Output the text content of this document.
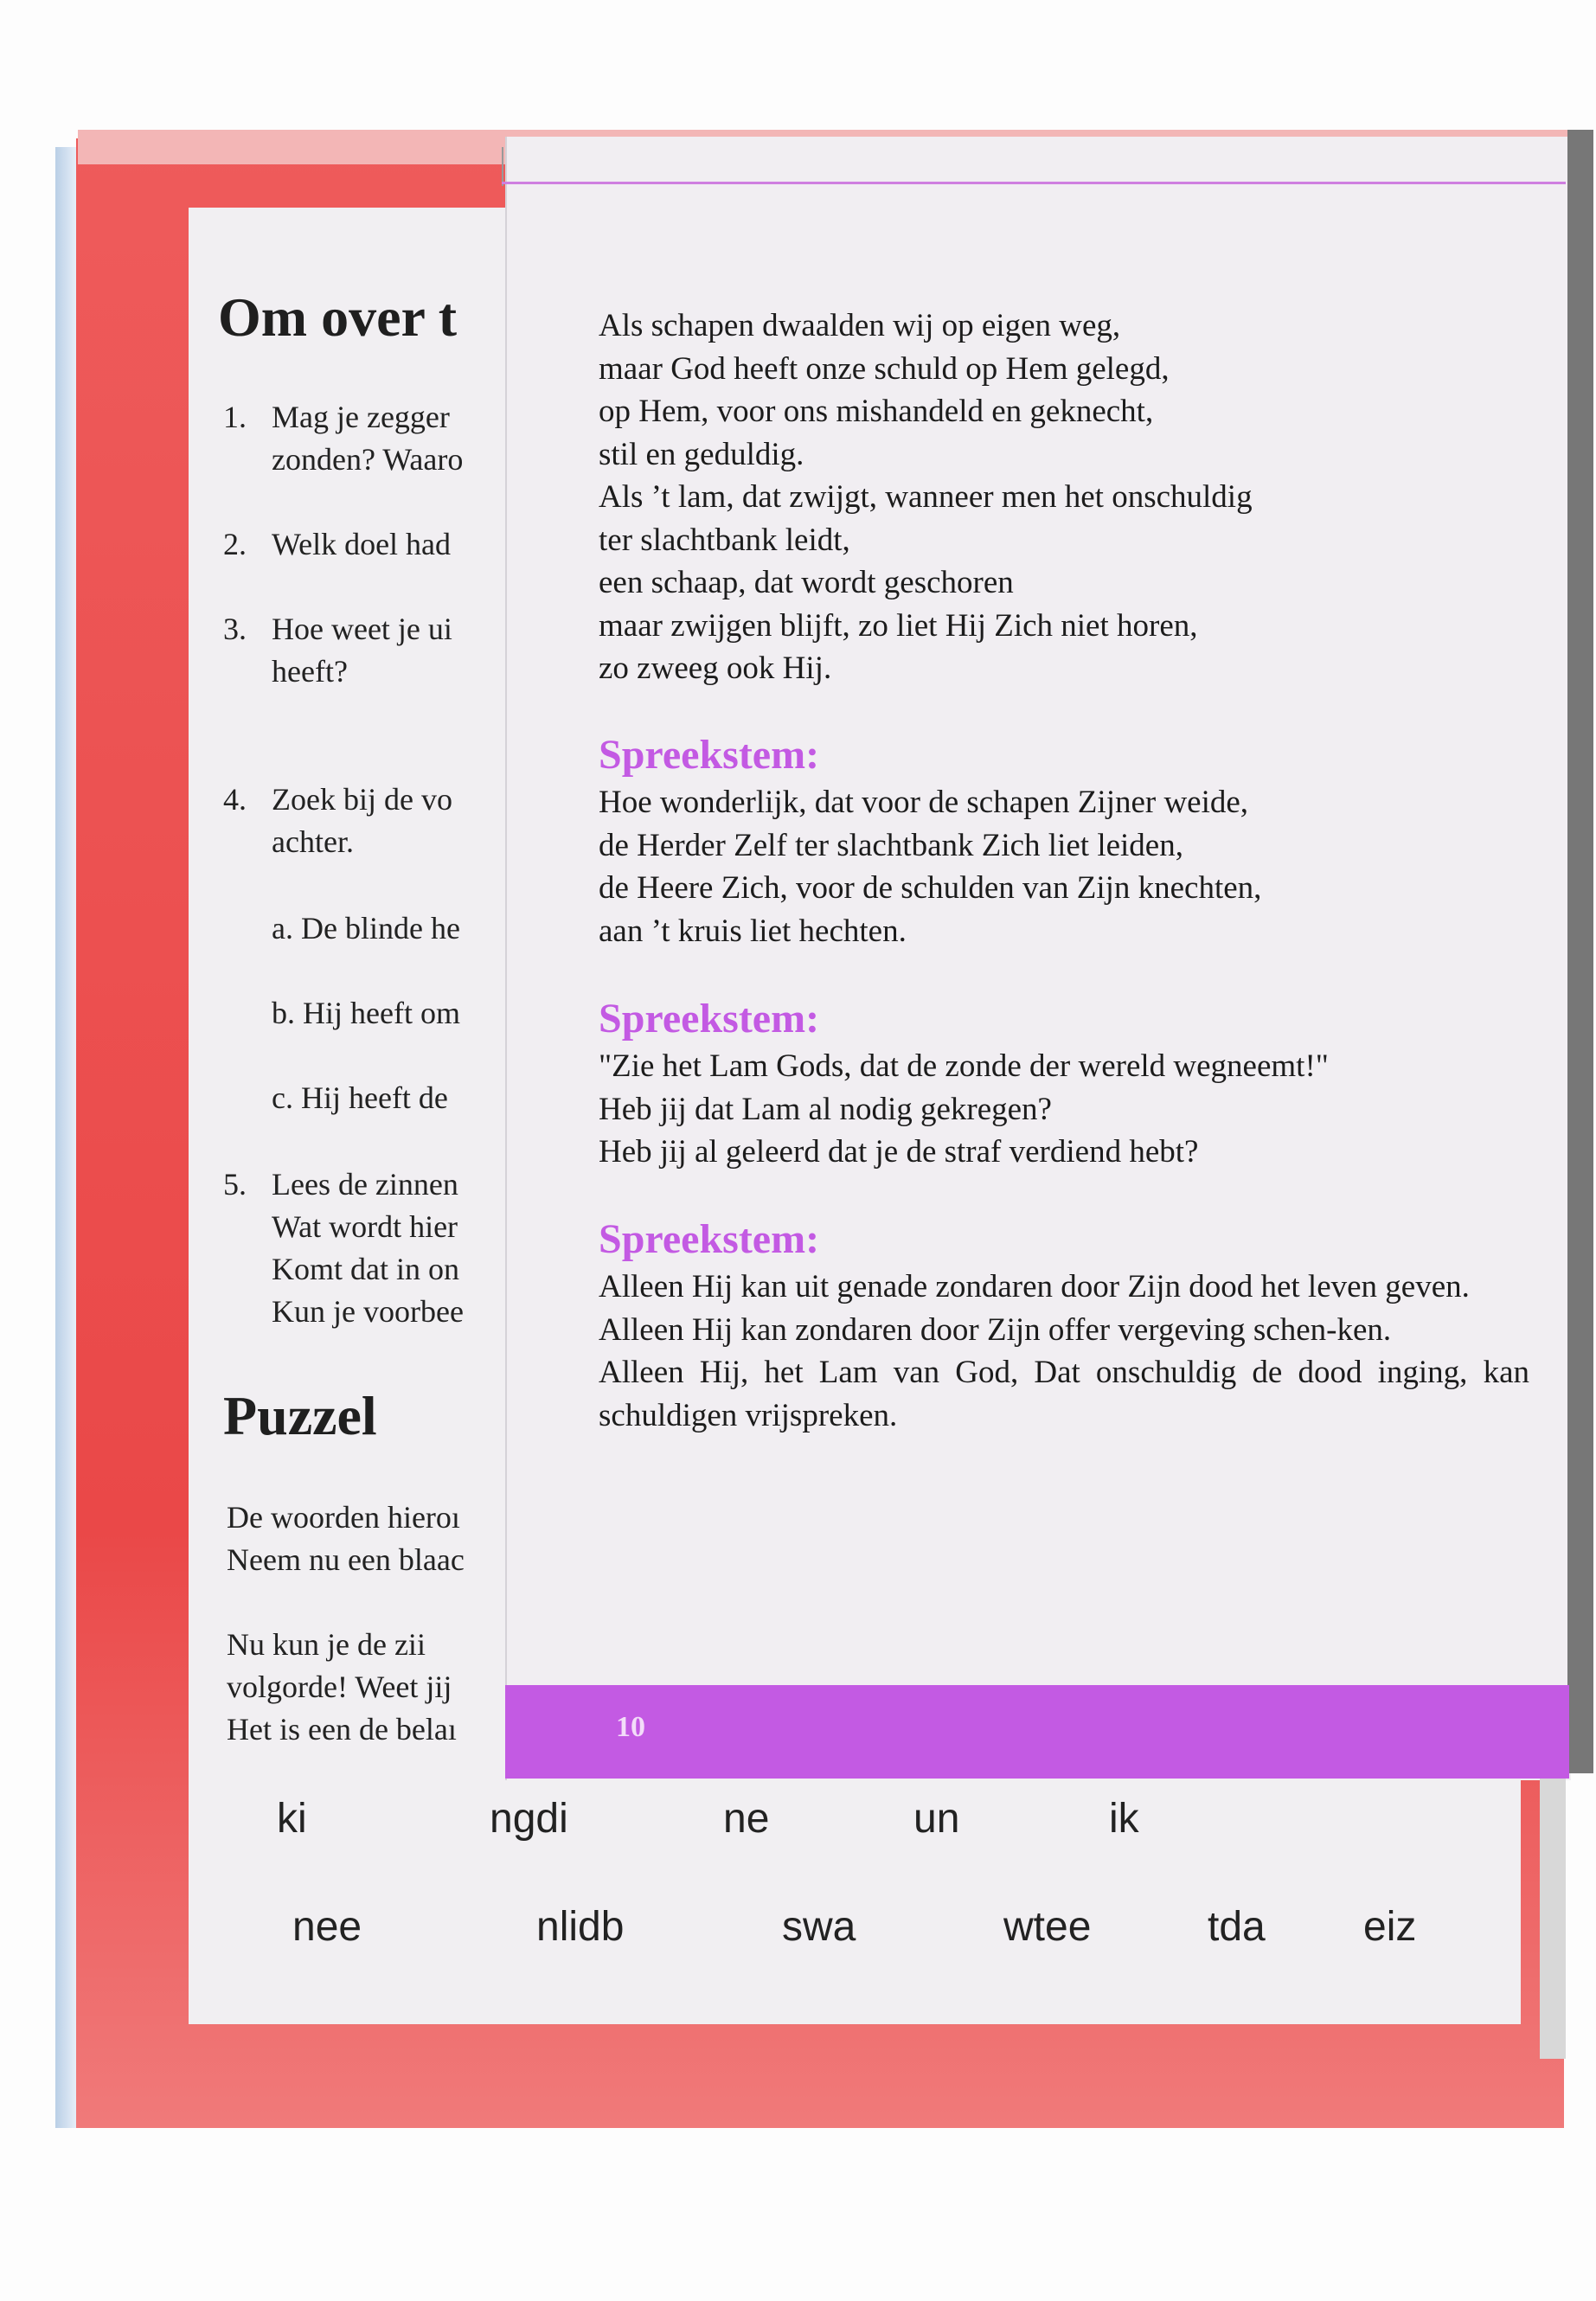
Om over t
1. Mag je zegger
zonden? Waaro
2. Welk doel had
3. Hoe weet je ui
heeft?
4. Zoek bij de vo
achter.
a. De blinde he
b. Hij heeft om
c. Hij heeft de
5. Lees de zinnen
Wat wordt hier
Komt dat in on
Kun je voorbee
Puzzel
De woorden hieroı
Neem nu een blaac
Nu kun je de zii
volgorde! Weet jij
Het is een de belaı
ki	ngdi	ne	un	ik
nee	nlidb	swa	wtee	tda eiz
Als schapen dwaalden wij op eigen weg,
maar God heeft onze schuld op Hem gelegd,
op Hem, voor ons mishandeld en geknecht,
stil en geduldig.
Als ’t lam, dat zwijgt, wanneer men het onschuldig
ter slachtbank leidt,
een schaap, dat wordt geschoren
maar zwijgen blijft, zo liet Hij Zich niet horen,
zo zweeg ook Hij.
Spreekstem:
Hoe wonderlijk, dat voor de schapen Zijner weide,
de Herder Zelf ter slachtbank Zich liet leiden,
de Heere Zich, voor de schulden van Zijn knechten,
aan ’t kruis liet hechten.
Spreekstem:
"Zie het Lam Gods, dat de zonde der wereld wegneemt!"
Heb jij dat Lam al nodig gekregen?
Heb jij al geleerd dat je de straf verdiend hebt?
Spreekstem:
Alleen Hij kan uit genade zondaren door Zijn dood het leven geven.
Alleen Hij kan zondaren door Zijn offer vergeving schen-ken.
Alleen Hij, het Lam van God, Dat onschuldig de dood inging, kan schuldigen vrijspreken.
10
